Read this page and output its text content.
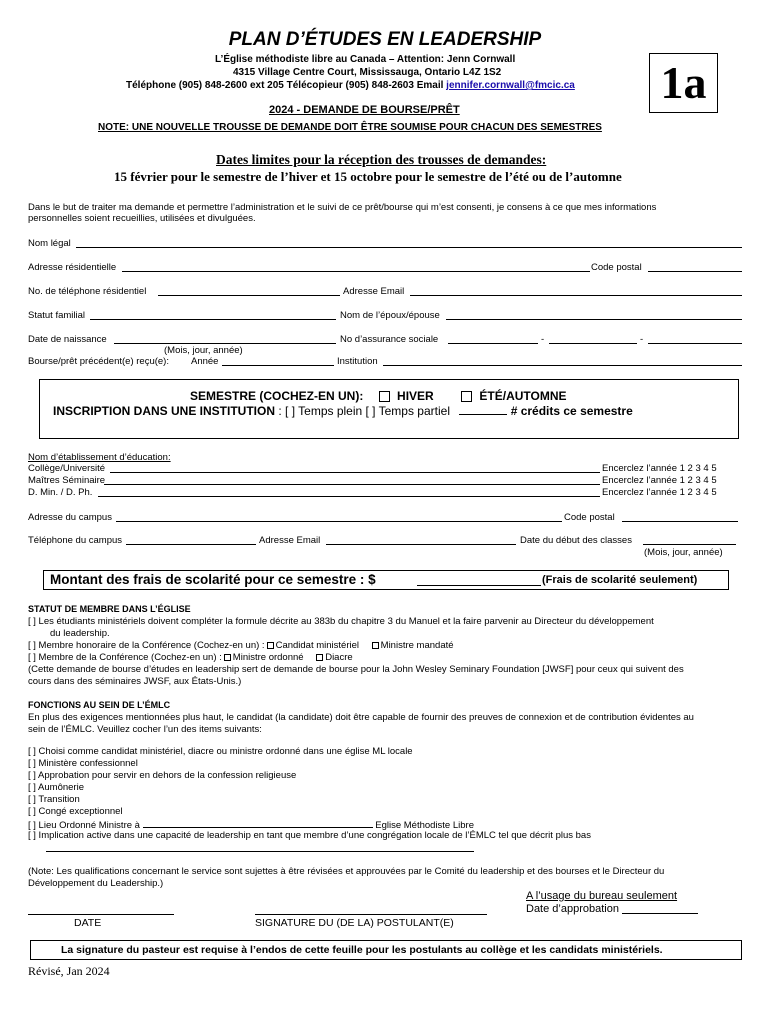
PLAN D’ÉTUDES EN LEADERSHIP
L’Église méthodiste libre au Canada – Attention: Jenn Cornwall
4315 Village Centre Court, Mississauga, Ontario L4Z 1S2
Téléphone (905) 848-2600 ext 205 Télécopieur (905) 848-2603 Email jennifer.cornwall@fmcic.ca 1a
2024 - DEMANDE DE BOURSE/PRÊT
NOTE: UNE NOUVELLE TROUSSE DE DEMANDE DOIT ÊTRE SOUMISE POUR CHACUN DES SEMESTRES
Dates limites pour la réception des trousses de demandes:
15 février pour le semestre de l’hiver et 15 octobre pour le semestre de l’été ou de l’automne
Dans le but de traiter ma demande et permettre l’administration et le suivi de ce prêt/bourse qui m’est consenti, je consens à ce que mes informations
personnelles soient recueillies, utilisées et divulguées.
Nom légal
Adresse résidentielle	Code postal
No. de téléphone résidentiel	Adresse Email
Statut familial	Nom de l’époux/épouse
Date de naissance	No d’assurance sociale	-	-
(Mois, jour, année)
Bourse/prêt précédent(e) reçu(e): Année	Institution
SEMESTRE (COCHEZ-EN UN):	HIVER	ÉTÉ/AUTOMNE
INSCRIPTION DANS UNE INSTITUTION : [ ] Temps plein [ ] Temps partiel	# crédits ce semestre
Nom d’établissement d’éducation:
Collège/Université	Encerclez l’année 1 2 3 4 5
Maîtres Séminaire	Encerclez l’année 1 2 3 4 5
D. Min. / D. Ph.	Encerclez l’année 1 2 3 4 5
Adresse du campus	Code postal
Téléphone du campus	Adresse Email	Date du début des classes
(Mois, jour, année)
Montant des frais de scolarité pour ce semestre : $	(Frais de scolarité seulement)
STATUT DE MEMBRE DANS L’ÉGLISE
[ ] Les étudiants ministériels doivent compléter la formule décrite au 383b du chapitre 3 du Manuel et la faire parvenir au Directeur du développement
du leadership.
[ ] Membre honoraire de la Conférence (Cochez-en un) : Candidat ministériel Ministre mandaté
[ ] Membre de la Conférence (Cochez-en un) : Ministre ordonné Diacre
(Cette demande de bourse d’études en leadership sert de demande de bourse pour la John Wesley Seminary Foundation [JWSF] pour ceux qui suivent des
cours dans des séminaires JWSF, aux États-Unis.)
FONCTIONS AU SEIN DE L’ÉMLC
En plus des exigences mentionnées plus haut, le candidat (la candidate) doit être capable de fournir des preuves de connexion et de contribution évidentes au
sein de l’ÉMLC. Veuillez cocher l’un des items suivants:
[ ] Choisi comme candidat ministériel, diacre ou ministre ordonné dans une église ML locale
[ ] Ministère confessionnel
[ ] Approbation pour servir en dehors de la confession religieuse
[ ] Aumônerie
[ ] Transition
[ ] Congé exceptionnel
[ ] Lieu Ordonné Ministre à	Eglise Méthodiste Libre
[ ] Implication active dans une capacité de leadership en tant que membre d’une congrégation locale de l’ÉMLC tel que décrit plus bas
(Note: Les qualifications concernant le service sont sujettes à être révisées et approuvées par le Comité du leadership et des bourses et le Directeur du
Développement du Leadership.)
A l’usage du bureau seulement
Date d’approbation
DATE	SIGNATURE DU (DE LA) POSTULANT(E)
La signature du pasteur est requise à l’endos de cette feuille pour les postulants au collège et les candidats ministériels.
Révisé, Jan 2024
